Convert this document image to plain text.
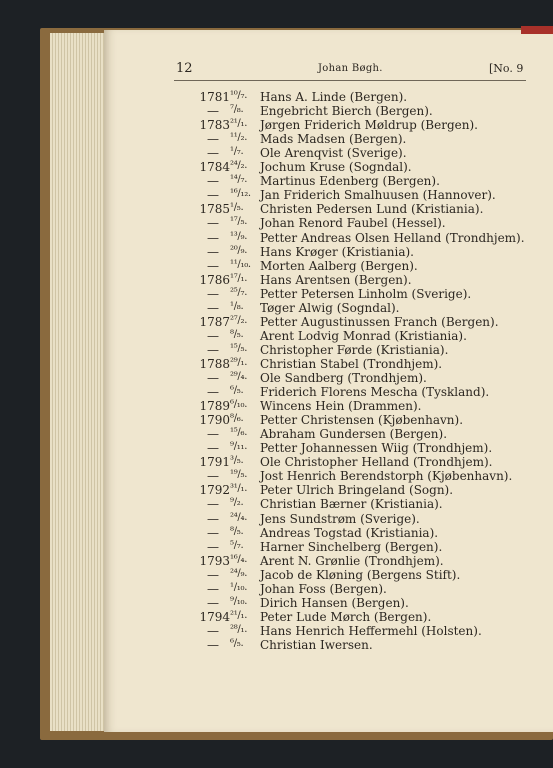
12	Johan Bøgh.	[No. 9
1781 ¹⁰/₇.	Hans A. Linde (Bergen).
—	⁷/₈.	Engebricht Bierch (Bergen).
1783 ²¹/₁.	Jørgen Friderich Møldrup (Bergen).
—	¹¹/₂.	Mads Madsen (Bergen).
—	¹/₇.	Ole Arenqvist (Sverige).
1784 ²⁴/₂.	Jochum Kruse (Sogndal).
—	¹⁴/₇.	Martinus Edenberg (Bergen).
—	¹⁶/₁₂. Jan Friderich Smalhuusen (Hannover).
1785 ¹/₅.	Christen Pedersen Lund (Kristiania).
—	¹⁷/₅.	Johan Renord Faubel (Hessel).
—	¹³/₉.	Petter Andreas Olsen Helland (Trondhjem).
—	²⁰/₉.	Hans Krøger (Kristiania).
—	¹¹/₁₀. Morten Aalberg (Bergen).
1786 ¹⁷/₁.	Hans Arentsen (Bergen).
—	²⁵/₇.	Petter Petersen Linholm (Sverige).
—	¹/₈.	Tøger Alwig (Sogndal).
1787 ²⁷/₂.	Petter Augustinussen Franch (Bergen).
—	⁸/₅.	Arent Lodvig Monrad (Kristiania).
—	¹⁵/₅.	Christopher Førde (Kristiania).
1788 ²⁹/₁.	Christian Stabel (Trondhjem).
—	²⁹/₄.	Ole Sandberg (Trondhjem).
—	⁶/₅.	Friderich Florens Mescha (Tyskland).
1789 ⁶/₁₀.	Wincens Hein (Drammen).
1790 ⁸/₆.	Petter Christensen (Kjøbenhavn).
—	¹⁵/₆.	Abraham Gundersen (Bergen).
—	⁹/₁₁.	Petter Johannessen Wiig (Trondhjem).
1791 ³/₅.	Ole Christopher Helland (Trondhjem).
—	¹⁹/₅.	Jost Henrich Berendstorph (Kjøbenhavn).
1792 ³¹/₁.	Peter Ulrich Bringeland (Sogn).
—	⁹/₂.	Christian Bærner (Kristiania).
—	²⁴/₄.	Jens Sundstrøm (Sverige).
—	⁸/₅.	Andreas Togstad (Kristiania).
—	⁵/₇.	Harner Sinchelberg (Bergen).
1793 ¹⁶/₄.	Arent N. Grønlie (Trondhjem).
—	²⁴/₉.	Jacob de Kløning (Bergens Stift).
—	¹/₁₀.	Johan Foss (Bergen).
—	⁹/₁₀.	Dirich Hansen (Bergen).
1794 ²¹/₁.	Peter Lude Mørch (Bergen).
—	²⁸/₁.	Hans Henrich Heffermehl (Holsten).
—	⁶/₅.	Christian Iwersen.
